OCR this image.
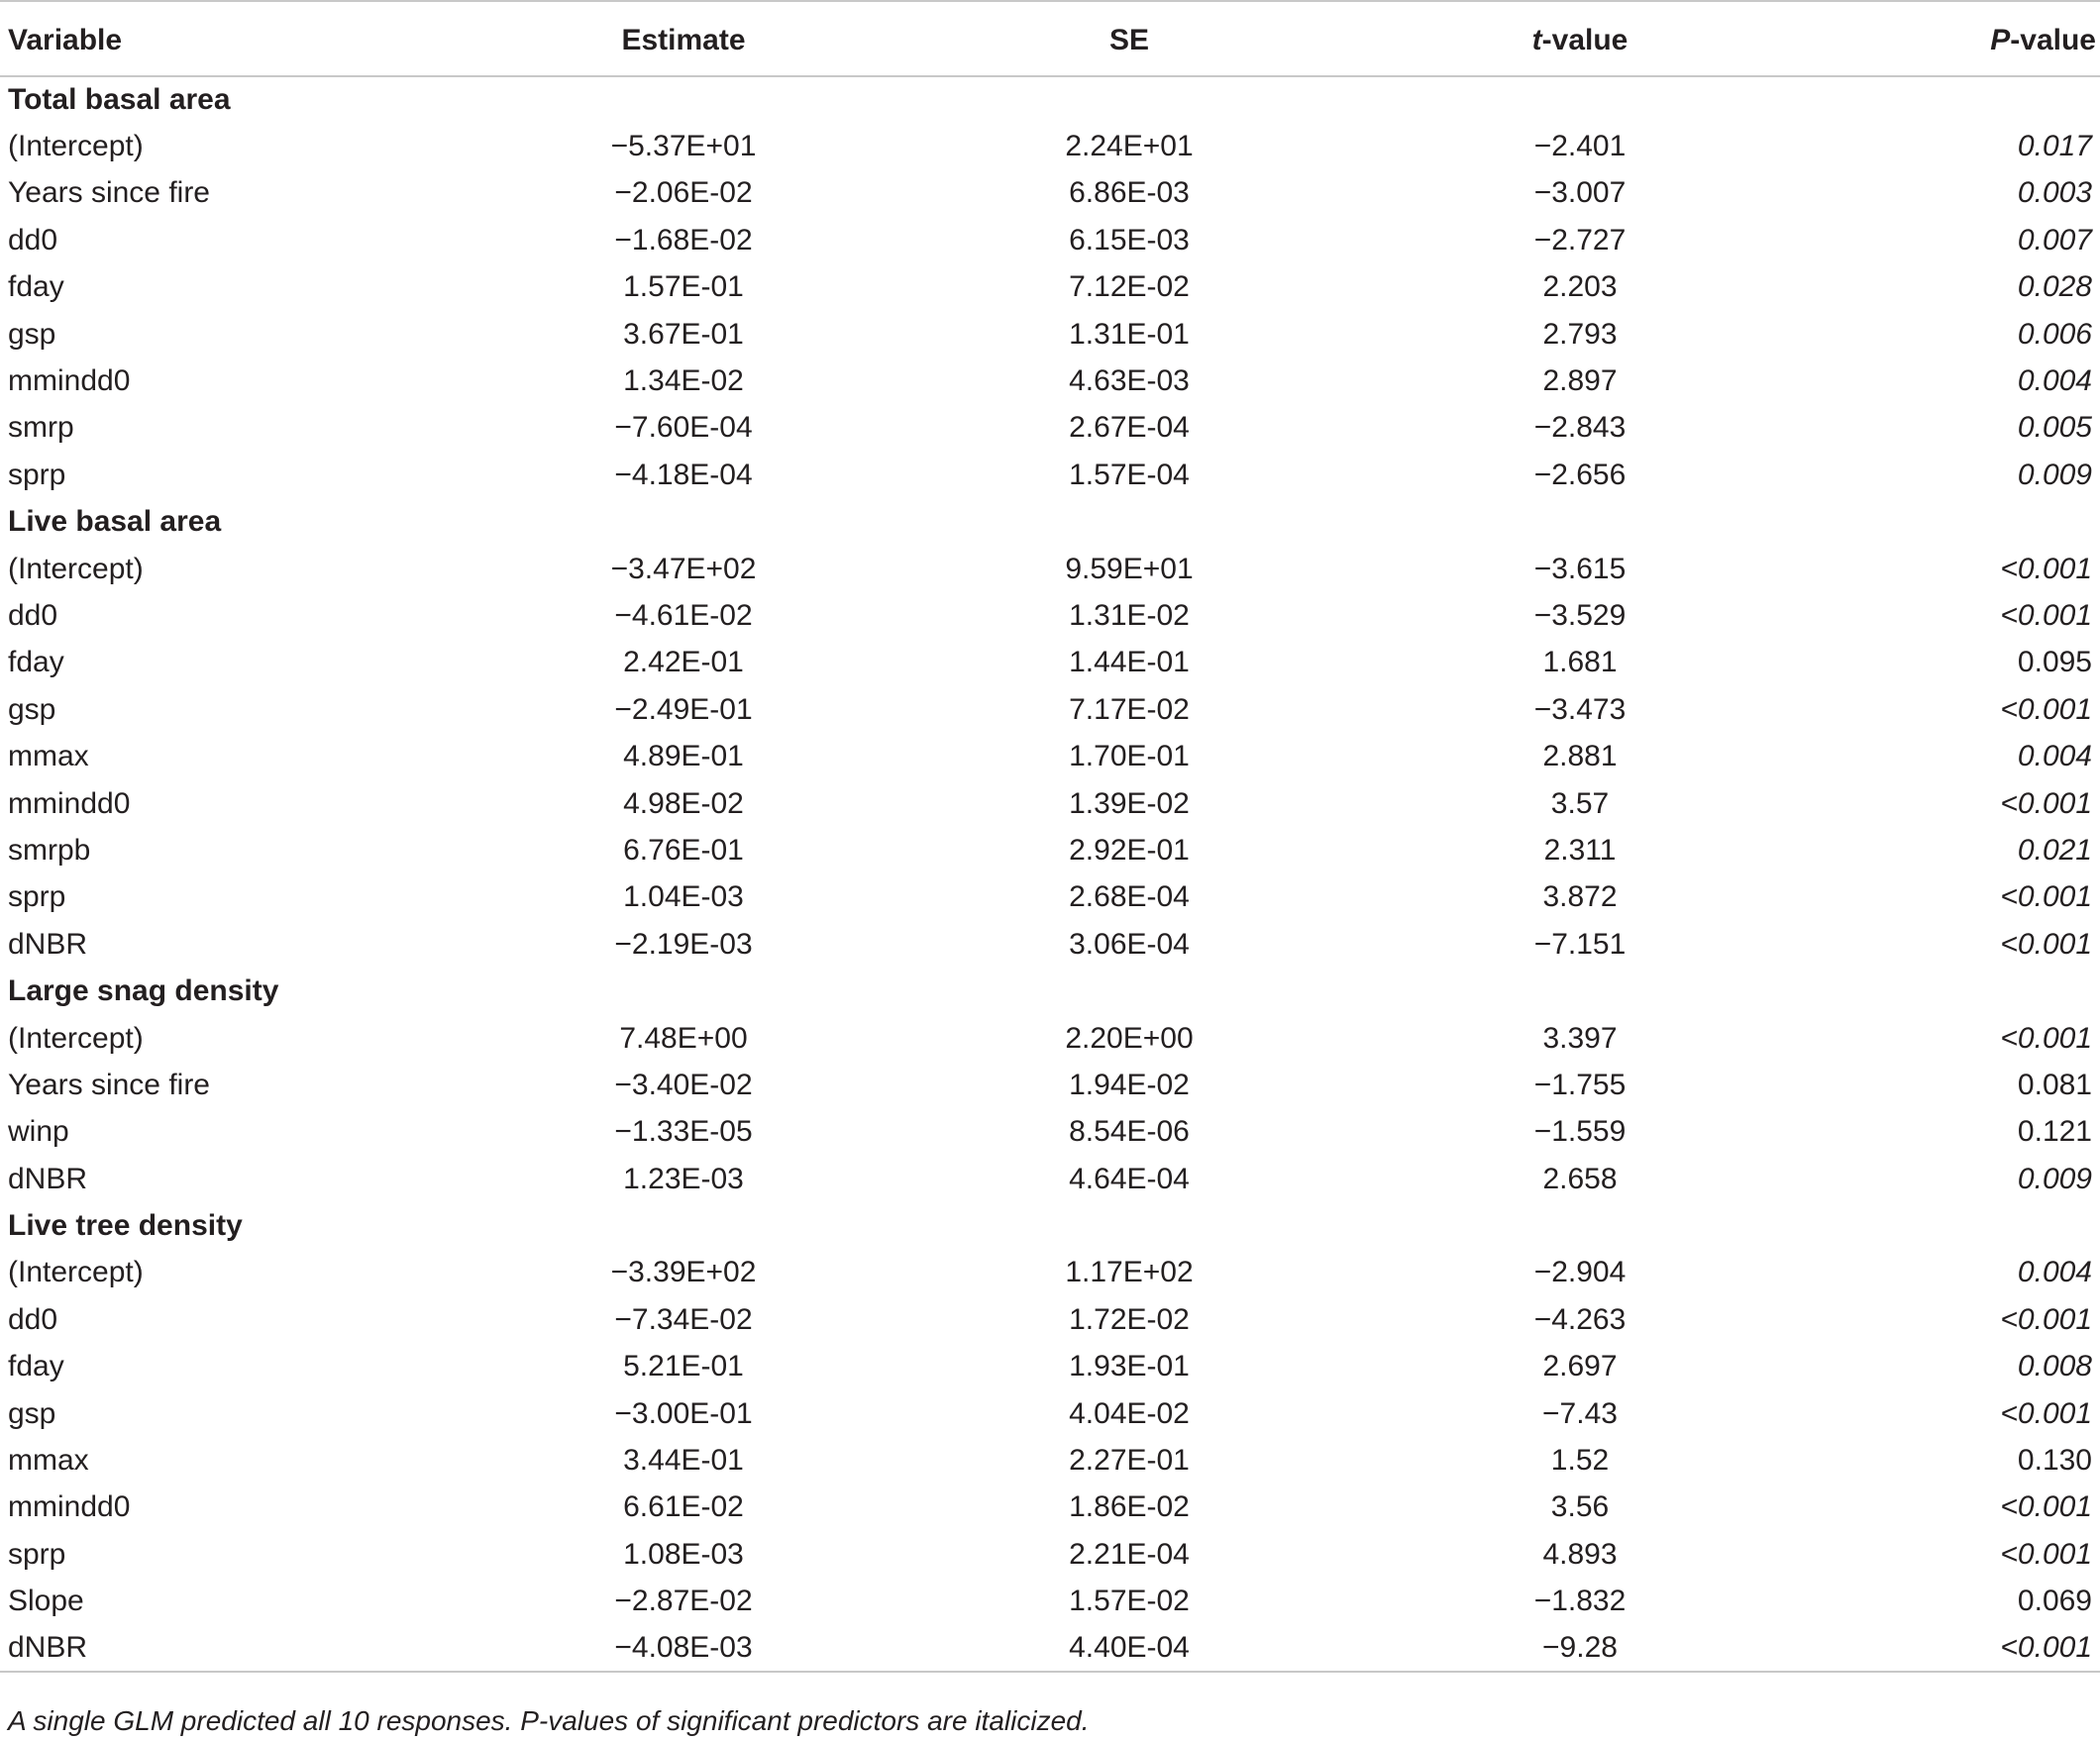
Variable	Estimate	SE	t-value	P-value
Total basal area				
(Intercept)	−5.37E+01	2.24E+01	−2.401	0.017
Years since fire	−2.06E-02	6.86E-03	−3.007	0.003
dd0	−1.68E-02	6.15E-03	−2.727	0.007
fday	1.57E-01	7.12E-02	2.203	0.028
gsp	3.67E-01	1.31E-01	2.793	0.006
mmindd0	1.34E-02	4.63E-03	2.897	0.004
smrp	−7.60E-04	2.67E-04	−2.843	0.005
sprp	−4.18E-04	1.57E-04	−2.656	0.009
Live basal area				
(Intercept)	−3.47E+02	9.59E+01	−3.615	<0.001
dd0	−4.61E-02	1.31E-02	−3.529	<0.001
fday	2.42E-01	1.44E-01	1.681	0.095
gsp	−2.49E-01	7.17E-02	−3.473	<0.001
mmax	4.89E-01	1.70E-01	2.881	0.004
mmindd0	4.98E-02	1.39E-02	3.57	<0.001
smrpb	6.76E-01	2.92E-01	2.311	0.021
sprp	1.04E-03	2.68E-04	3.872	<0.001
dNBR	−2.19E-03	3.06E-04	−7.151	<0.001
Large snag density				
(Intercept)	7.48E+00	2.20E+00	3.397	<0.001
Years since fire	−3.40E-02	1.94E-02	−1.755	0.081
winp	−1.33E-05	8.54E-06	−1.559	0.121
dNBR	1.23E-03	4.64E-04	2.658	0.009
Live tree density				
(Intercept)	−3.39E+02	1.17E+02	−2.904	0.004
dd0	−7.34E-02	1.72E-02	−4.263	<0.001
fday	5.21E-01	1.93E-01	2.697	0.008
gsp	−3.00E-01	4.04E-02	−7.43	<0.001
mmax	3.44E-01	2.27E-01	1.52	0.130
mmindd0	6.61E-02	1.86E-02	3.56	<0.001
sprp	1.08E-03	2.21E-04	4.893	<0.001
Slope	−2.87E-02	1.57E-02	−1.832	0.069
dNBR	−4.08E-03	4.40E-04	−9.28	<0.001
A single GLM predicted all 10 responses. P-values of significant predictors are italicized.
